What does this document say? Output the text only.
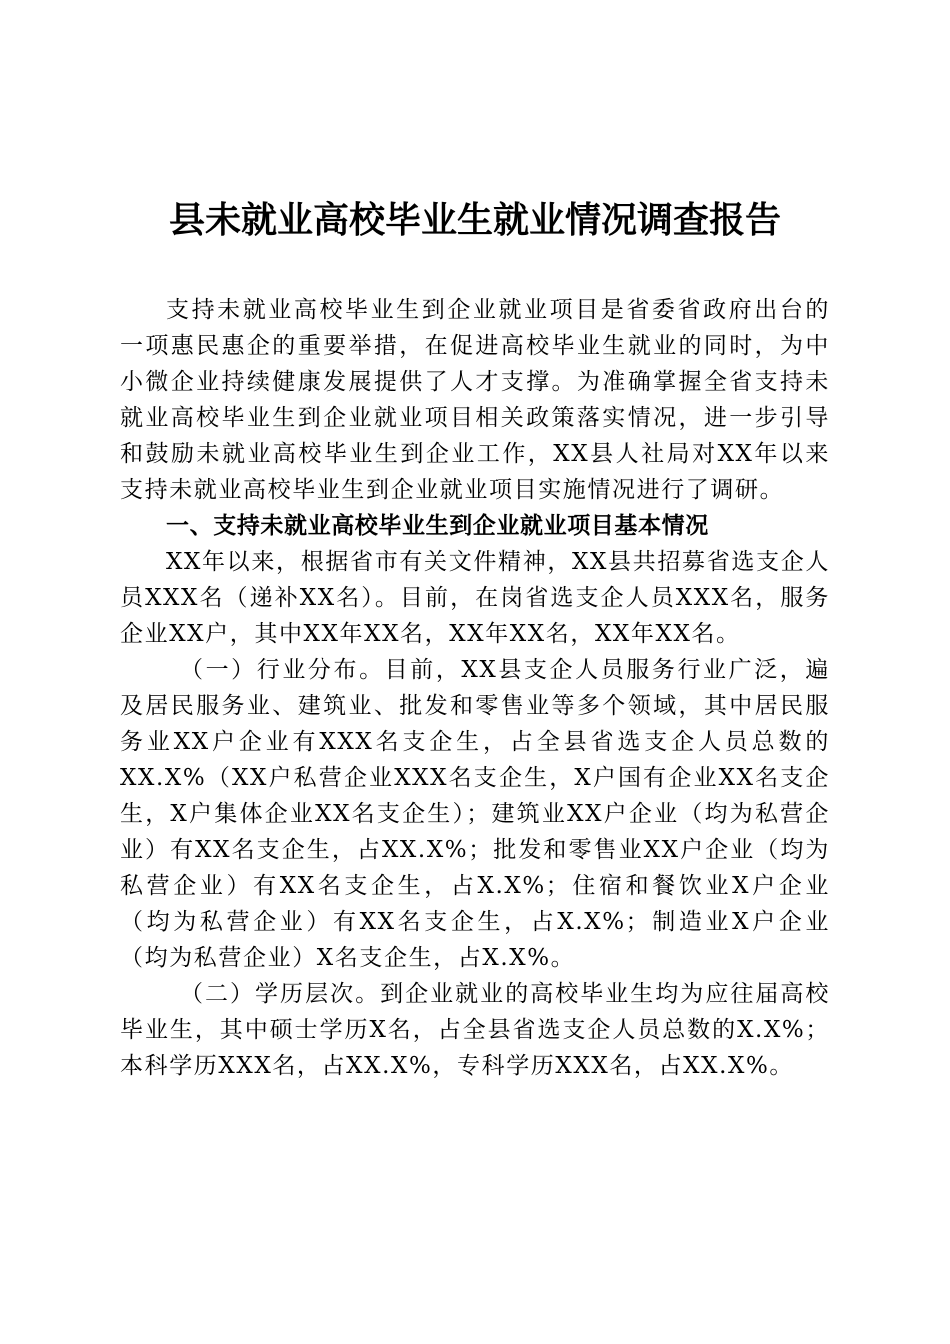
县未就业高校毕业生就业情况调查报告

支持未就业高校毕业生到企业就业项目是省委省政府出台的一项惠民惠企的重要举措，在促进高校毕业生就业的同时，为中小微企业持续健康发展提供了人才支撑。为准确掌握全省支持未就业高校毕业生到企业就业项目相关政策落实情况，进一步引导和鼓励未就业高校毕业生到企业工作，XX县人社局对XX年以来支持未就业高校毕业生到企业就业项目实施情况进行了调研。

一、支持未就业高校毕业生到企业就业项目基本情况

XX年以来，根据省市有关文件精神，XX县共招募省选支企人员XXX名（递补XX名）。目前，在岗省选支企人员XXX名，服务企业XX户，其中XX年XX名，XX年XX名，XX年XX名。

（一）行业分布。目前，XX县支企人员服务行业广泛，遍及居民服务业、建筑业、批发和零售业等多个领域，其中居民服务业XX户企业有XXX名支企生，占全县省选支企人员总数的XX.X%（XX户私营企业XXX名支企生，X户国有企业XX名支企生，X户集体企业XX名支企生）；建筑业XX户企业（均为私营企业）有XX名支企生，占XX.X%；批发和零售业XX户企业（均为私营企业）有XX名支企生，占X.X%；住宿和餐饮业X户企业（均为私营企业）有XX名支企生，占X.X%；制造业X户企业（均为私营企业）X名支企生，占X.X%。

（二）学历层次。到企业就业的高校毕业生均为应往届高校毕业生，其中硕士学历X名，占全县省选支企人员总数的X.X%；本科学历XXX名，占XX.X%，专科学历XXX名，占XX.X%。
